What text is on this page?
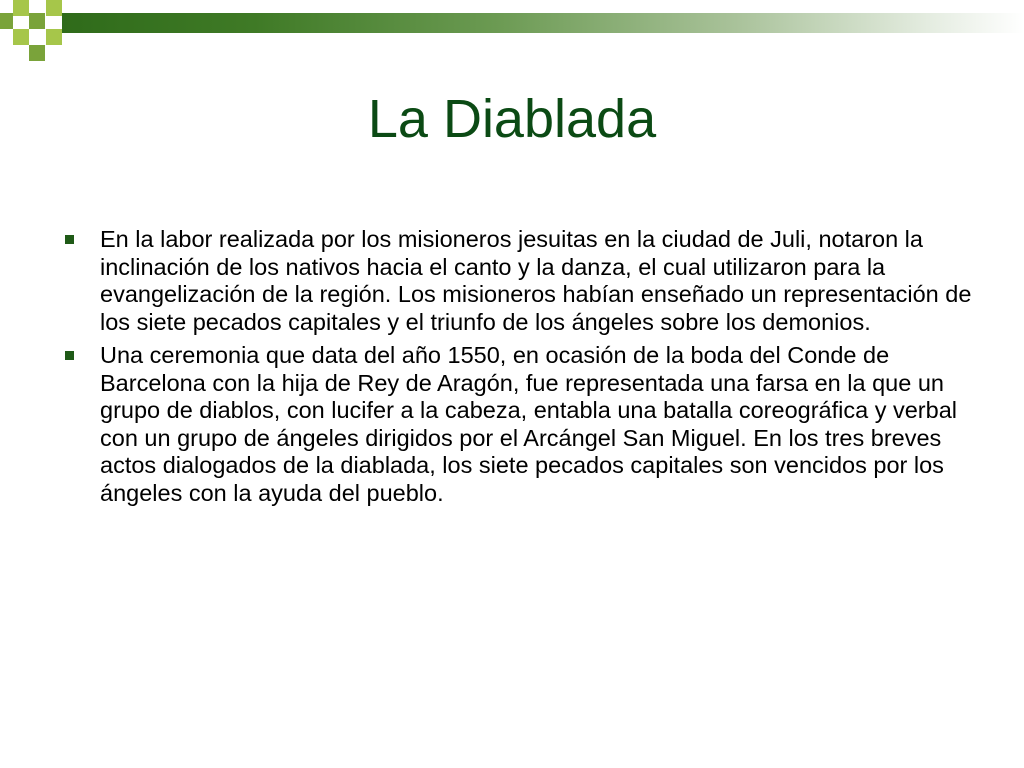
La Diablada
En la labor realizada por los misioneros jesuitas en la ciudad de Juli, notaron la inclinación de los nativos hacia el canto y la danza, el cual utilizaron para la evangelización de la región. Los misioneros habían enseñado un representación de los siete pecados capitales y el triunfo de los ángeles sobre los demonios.
Una ceremonia que data del año 1550, en ocasión de la boda del Conde de Barcelona con la hija de Rey de Aragón, fue representada una farsa en la que un grupo de diablos, con lucifer a la cabeza, entabla una batalla coreográfica y verbal con un grupo de ángeles dirigidos por el Arcángel San Miguel. En los tres breves actos dialogados de la diablada, los siete pecados capitales son vencidos por los ángeles con la ayuda del pueblo.
